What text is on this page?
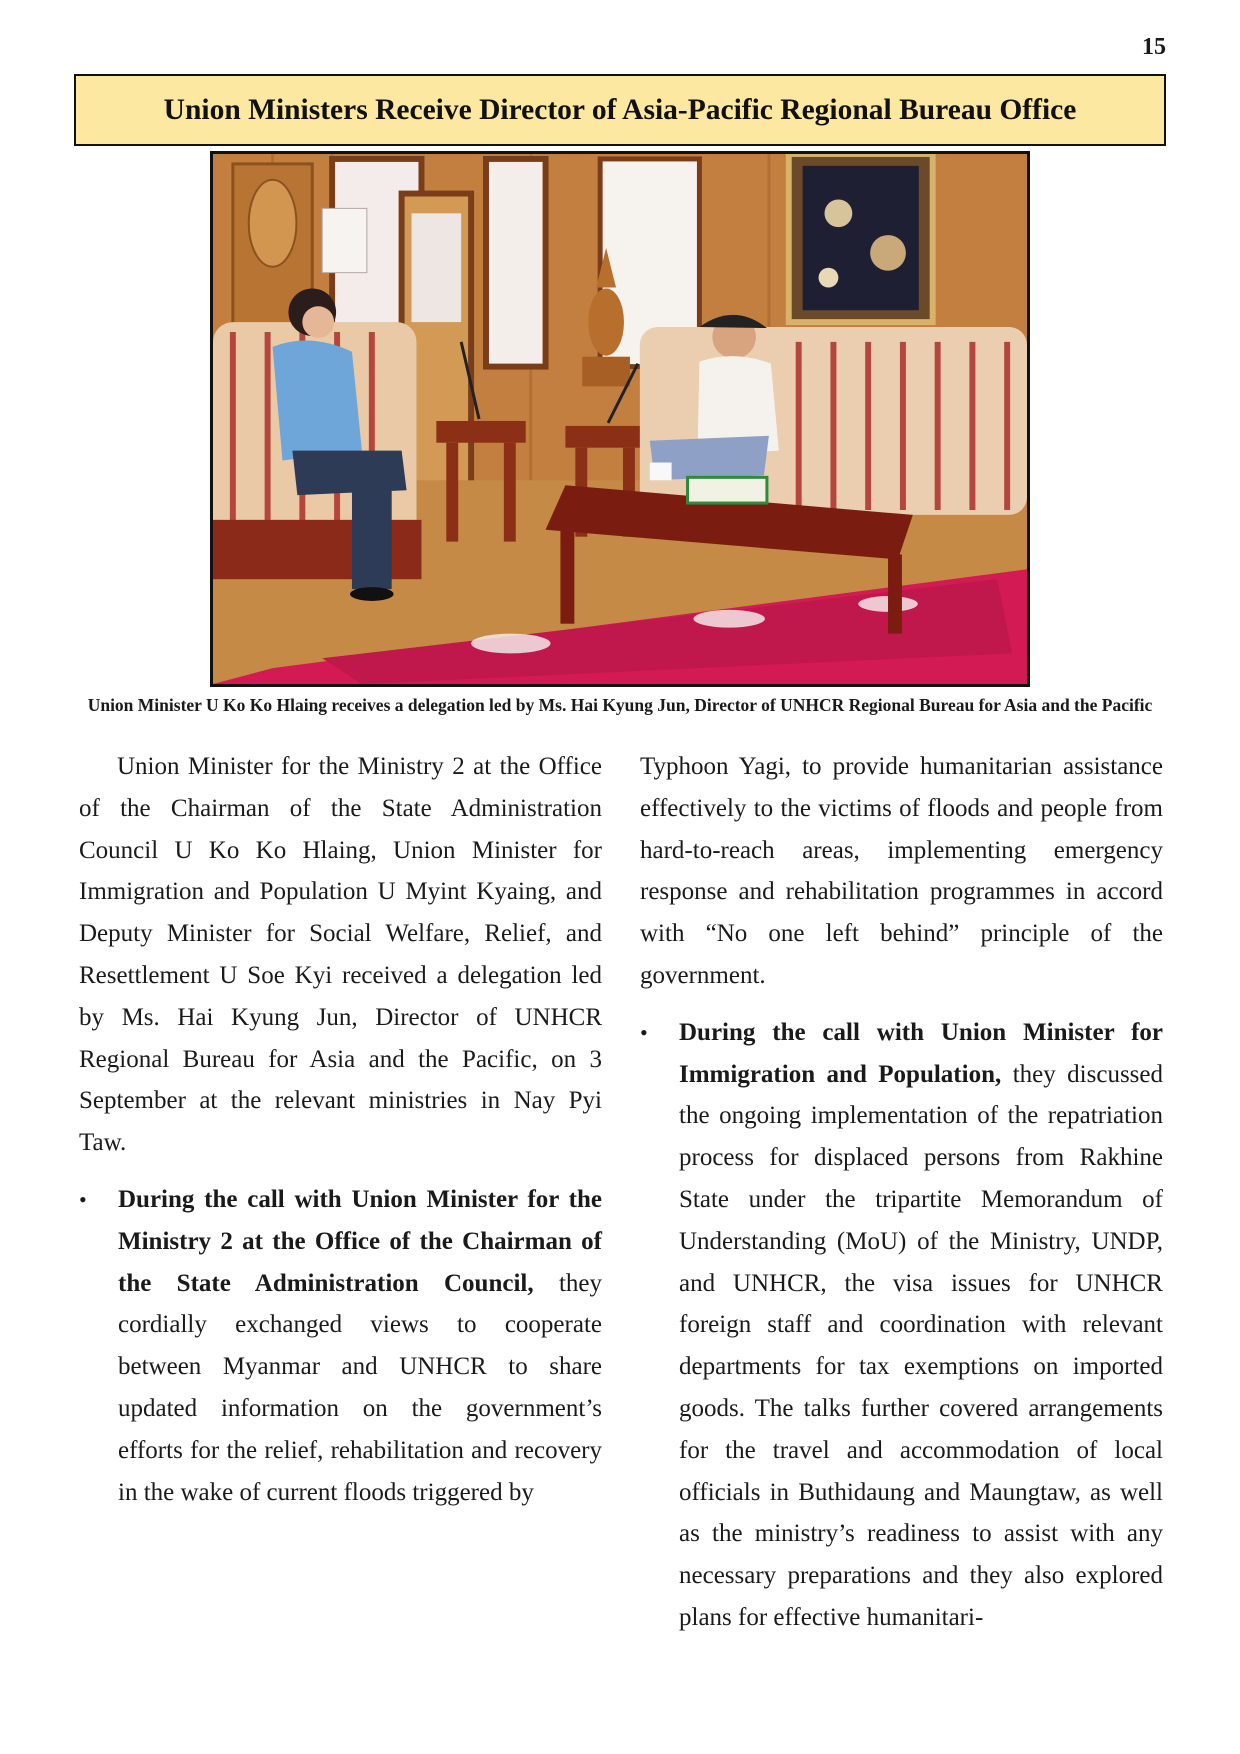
15
Union Ministers Receive Director of Asia-Pacific Regional Bureau Office
Union Minister U Ko Ko Hlaing receives a delegation led by Ms. Hai Kyung Jun, Director of UNHCR Regional Bureau for Asia and the Pacific

Union Minister for the Ministry 2 at the Office of the Chairman of the State Administration Council U Ko Ko Hlaing, Union Minister for Immigration and Population U Myint Kyaing, and Deputy Minister for Social Welfare, Relief, and Resettlement U Soe Kyi received a delegation led by Ms. Hai Kyung Jun, Director of UNHCR Regional Bureau for Asia and the Pacific, on 3 September at the relevant ministries in Nay Pyi Taw.

• During the call with Union Minister for the Ministry 2 at the Office of the Chairman of the State Administration Council, they cordially exchanged views to cooperate between Myanmar and UNHCR to share updated information on the government’s efforts for the relief, rehabilitation and recovery in the wake of current floods triggered by

Typhoon Yagi, to provide humanitarian assistance effectively to the victims of floods and people from hard-to-reach areas, implementing emergency response and rehabilitation programmes in accord with “No one left behind” principle of the government.

• During the call with Union Minister for Immigration and Population, they discussed the ongoing implementation of the repatriation process for displaced persons from Rakhine State under the tripartite Memorandum of Understanding (MoU) of the Ministry, UNDP, and UNHCR, the visa issues for UNHCR foreign staff and coordination with relevant departments for tax exemptions on imported goods. The talks further covered arrangements for the travel and accommodation of local officials in Buthidaung and Maungtaw, as well as the ministry’s readiness to assist with any necessary preparations and they also explored plans for effective humanitari-
